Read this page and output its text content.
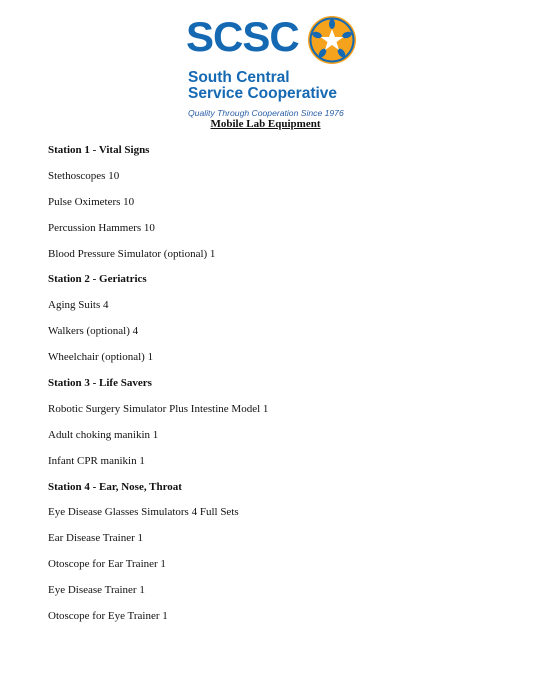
SCSC
South Central
Service Cooperative
Quality Through Cooperation Since 1976
Mobile Lab Equipment
Station 1 - Vital Signs
Stethoscopes 10
Pulse Oximeters 10
Percussion Hammers 10
Blood Pressure Simulator (optional) 1
Station 2 - Geriatrics
Aging Suits 4
Walkers (optional) 4
Wheelchair (optional) 1
Station 3 - Life Savers
Robotic Surgery Simulator Plus Intestine Model 1
Adult choking manikin 1
Infant CPR manikin 1
Station 4 - Ear, Nose, Throat
Eye Disease Glasses Simulators 4 Full Sets
Ear Disease Trainer 1
Otoscope for Ear Trainer 1
Eye Disease Trainer 1
Otoscope for Eye Trainer 1
